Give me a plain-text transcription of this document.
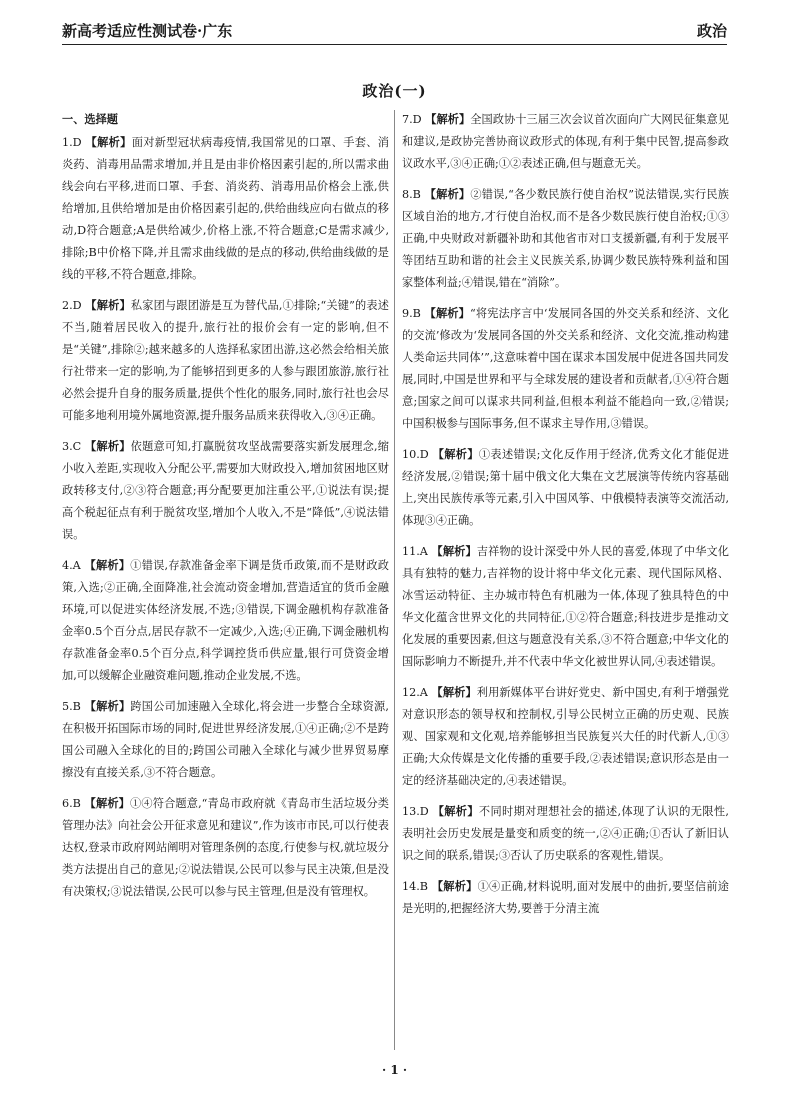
新高考适应性测试卷·广东	政治
政治(一)
一、选择题
1.D 【解析】面对新型冠状病毒疫情,我国常见的口罩、手套、消炎药、消毒用品需求增加,并且是由非价格因素引起的,所以需求曲线会向右平移,进而口罩、手套、消炎药、消毒用品价格会上涨,供给增加,且供给增加是由价格因素引起的,供给曲线应向右做点的移动,D符合题意;A是供给减少,价格上涨,不符合题意;C是需求减少,排除;B中价格下降,并且需求曲线做的是点的移动,供给曲线做的是线的平移,不符合题意,排除。
2.D 【解析】私家团与跟团游是互为替代品,①排除;“关键”的表述不当,随着居民收入的提升,旅行社的报价会有一定的影响,但不是“关键”,排除②;越来越多的人选择私家团出游,这必然会给相关旅行社带来一定的影响,为了能够招到更多的人参与跟团旅游,旅行社必然会提升自身的服务质量,提供个性化的服务,同时,旅行社也会尽可能多地利用境外属地资源,提升服务品质来获得收入,③④正确。
3.C 【解析】依题意可知,打赢脱贫攻坚战需要落实新发展理念,缩小收入差距,实现收入分配公平,需要加大财政投入,增加贫困地区财政转移支付,②③符合题意;再分配要更加注重公平,①说法有误;提高个税起征点有利于脱贫攻坚,增加个人收入,不是“降低”,④说法错误。
4.A 【解析】①错误,存款准备金率下调是货币政策,而不是财政政策,入选;②正确,全面降准,社会流动资金增加,营造适宜的货币金融环境,可以促进实体经济发展,不选;③错误,下调金融机构存款准备金率0.5个百分点,居民存款不一定减少,入选;④正确,下调金融机构存款准备金率0.5个百分点,科学调控货币供应量,银行可贷资金增加,可以缓解企业融资难问题,推动企业发展,不选。
5.B 【解析】跨国公司加速融入全球化,将会进一步整合全球资源,在积极开拓国际市场的同时,促进世界经济发展,①④正确;②不是跨国公司融入全球化的目的;跨国公司融入全球化与减少世界贸易摩擦没有直接关系,③不符合题意。
6.B 【解析】①④符合题意,“青岛市政府就《青岛市生活垃圾分类管理办法》向社会公开征求意见和建议”,作为该市市民,可以行使表达权,登录市政府网站阐明对管理条例的态度,行使参与权,就垃圾分类方法提出自己的意见;②说法错误,公民可以参与民主决策,但是没有决策权;③说法错误,公民可以参与民主管理,但是没有管理权。
7.D 【解析】全国政协十三届三次会议首次面向广大网民征集意见和建议,是政协完善协商议政形式的体现,有利于集中民智,提高参政议政水平,③④正确;①②表述正确,但与题意无关。
8.B 【解析】②错误,“各少数民族行使自治权”说法错误,实行民族区域自治的地方,才行使自治权,而不是各少数民族行使自治权;①③正确,中央财政对新疆补助和其他省市对口支援新疆,有利于发展平等团结互助和谐的社会主义民族关系,协调少数民族特殊利益和国家整体利益;④错误,错在“消除”。
9.B 【解析】“将宪法序言中‘发展同各国的外交关系和经济、文化的交流’修改为‘发展同各国的外交关系和经济、文化交流,推动构建人类命运共同体’”,这意味着中国在谋求本国发展中促进各国共同发展,同时,中国是世界和平与全球发展的建设者和贡献者,①④符合题意;国家之间可以谋求共同利益,但根本利益不能趋向一致,②错误;中国积极参与国际事务,但不谋求主导作用,③错误。
10.D 【解析】①表述错误;文化反作用于经济,优秀文化才能促进经济发展,②错误;第十届中俄文化大集在文艺展演等传统内容基础上,突出民族传承等元素,引入中国风筝、中俄模特表演等交流活动,体现③④正确。
11.A 【解析】吉祥物的设计深受中外人民的喜爱,体现了中华文化具有独特的魅力,吉祥物的设计将中华文化元素、现代国际风格、冰雪运动特征、主办城市特色有机融为一体,体现了独具特色的中华文化蕴含世界文化的共同特征,①②符合题意;科技进步是推动文化发展的重要因素,但这与题意没有关系,③不符合题意;中华文化的国际影响力不断提升,并不代表中华文化被世界认同,④表述错误。
12.A 【解析】利用新媒体平台讲好党史、新中国史,有利于增强党对意识形态的领导权和控制权,引导公民树立正确的历史观、民族观、国家观和文化观,培养能够担当民族复兴大任的时代新人,①③正确;大众传媒是文化传播的重要手段,②表述错误;意识形态是由一定的经济基础决定的,④表述错误。
13.D 【解析】不同时期对理想社会的描述,体现了认识的无限性,表明社会历史发展是量变和质变的统一,②④正确;①否认了新旧认识之间的联系,错误;③否认了历史联系的客观性,错误。
14.B 【解析】①④正确,材料说明,面对发展中的曲折,要坚信前途是光明的,把握经济大势,要善于分清主流
· 1 ·
